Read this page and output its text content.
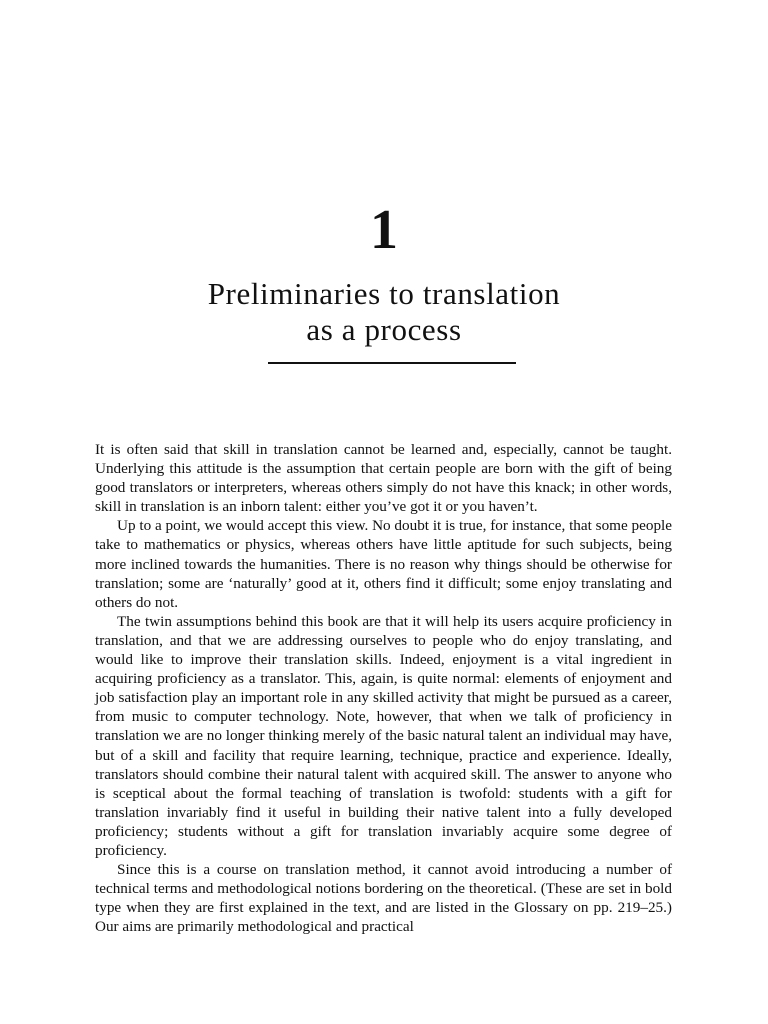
1
Preliminaries to translation
as a process

It is often said that skill in translation cannot be learned and, especially, cannot be taught. Underlying this attitude is the assumption that certain people are born with the gift of being good translators or interpreters, whereas others simply do not have this knack; in other words, skill in translation is an inborn talent: either you’ve got it or you haven’t.

Up to a point, we would accept this view. No doubt it is true, for instance, that some people take to mathematics or physics, whereas others have little aptitude for such subjects, being more inclined towards the humanities. There is no reason why things should be otherwise for translation; some are ‘naturally’ good at it, others find it difficult; some enjoy translating and others do not.

The twin assumptions behind this book are that it will help its users acquire proficiency in translation, and that we are addressing ourselves to people who do enjoy translating, and would like to improve their translation skills. Indeed, enjoyment is a vital ingredient in acquiring proficiency as a translator. This, again, is quite normal: elements of enjoyment and job satisfaction play an important role in any skilled activity that might be pursued as a career, from music to computer technology. Note, however, that when we talk of proficiency in translation we are no longer thinking merely of the basic natural talent an individual may have, but of a skill and facility that require learning, technique, practice and experience. Ideally, translators should combine their natural talent with acquired skill. The answer to anyone who is sceptical about the formal teaching of translation is twofold: students with a gift for translation invariably find it useful in building their native talent into a fully developed proficiency; students without a gift for translation invariably acquire some degree of proficiency.

Since this is a course on translation method, it cannot avoid introducing a number of technical terms and methodological notions bordering on the theoretical. (These are set in bold type when they are first explained in the text, and are listed in the Glossary on pp. 219–25.) Our aims are primarily methodological and practical
